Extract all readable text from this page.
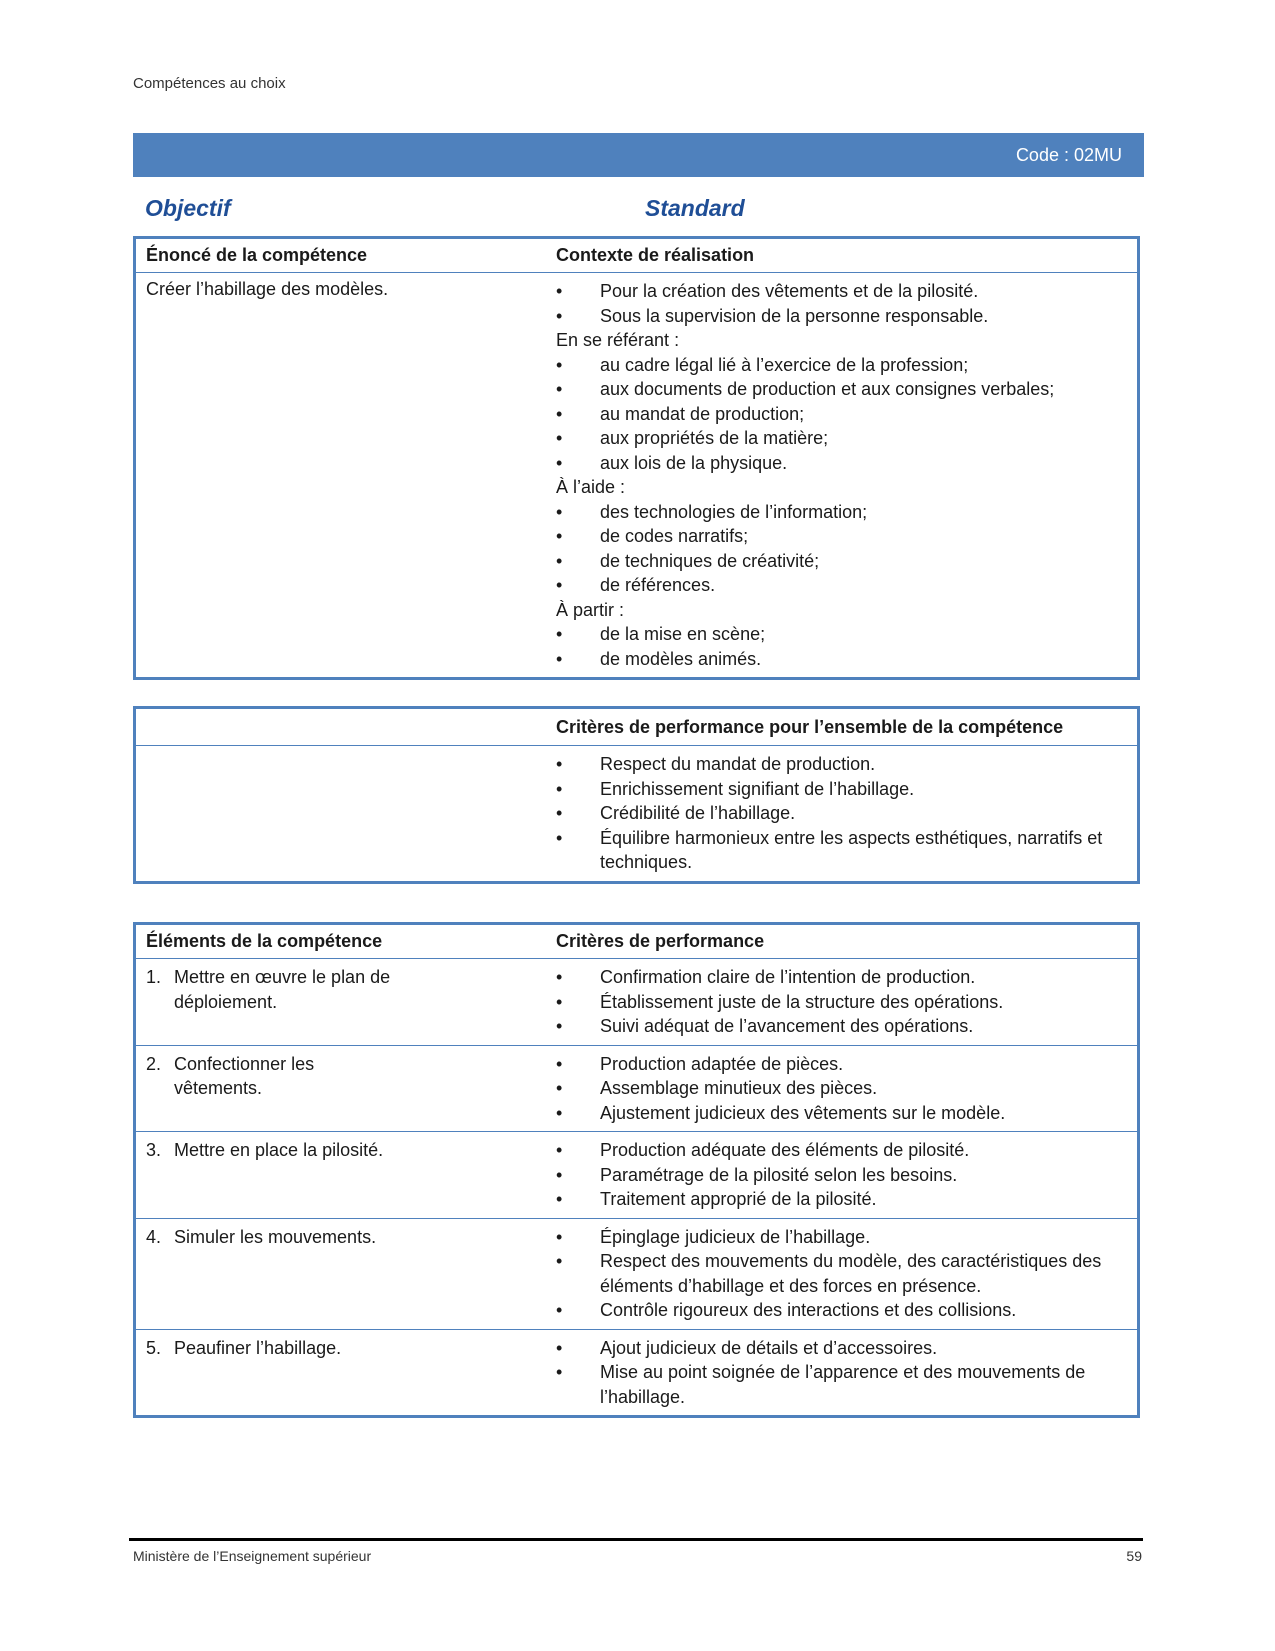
Compétences au choix
Code : 02MU
Objectif	Standard
Énoncé de la compétence	Contexte de réalisation
Créer l’habillage des modèles.	• Pour la création des vêtements et de la pilosité.
• Sous la supervision de la personne responsable.
En se référant :
• au cadre légal lié à l’exercice de la profession;
• aux documents de production et aux consignes verbales;
• au mandat de production;
• aux propriétés de la matière;
• aux lois de la physique.
À l’aide :
• des technologies de l’information;
• de codes narratifs;
• de techniques de créativité;
• de références.
À partir :
• de la mise en scène;
• de modèles animés.
Critères de performance pour l’ensemble de la compétence
• Respect du mandat de production.
• Enrichissement signifiant de l’habillage.
• Crédibilité de l’habillage.
• Équilibre harmonieux entre les aspects esthétiques, narratifs et techniques.
Éléments de la compétence	Critères de performance
1. Mettre en œuvre le plan de déploiement.
• Confirmation claire de l’intention de production.
• Établissement juste de la structure des opérations.
• Suivi adéquat de l’avancement des opérations.
2. Confectionner les vêtements.
• Production adaptée de pièces.
• Assemblage minutieux des pièces.
• Ajustement judicieux des vêtements sur le modèle.
3. Mettre en place la pilosité.	• Production adéquate des éléments de pilosité.
• Paramétrage de la pilosité selon les besoins.
• Traitement approprié de la pilosité.
4. Simuler les mouvements.	• Épinglage judicieux de l’habillage.
• Respect des mouvements du modèle, des caractéristiques des éléments d’habillage et des forces en présence.
• Contrôle rigoureux des interactions et des collisions.
5. Peaufiner l’habillage.	• Ajout judicieux de détails et d’accessoires.
• Mise au point soignée de l’apparence et des mouvements de l’habillage.
Ministère de l’Enseignement supérieur	59
